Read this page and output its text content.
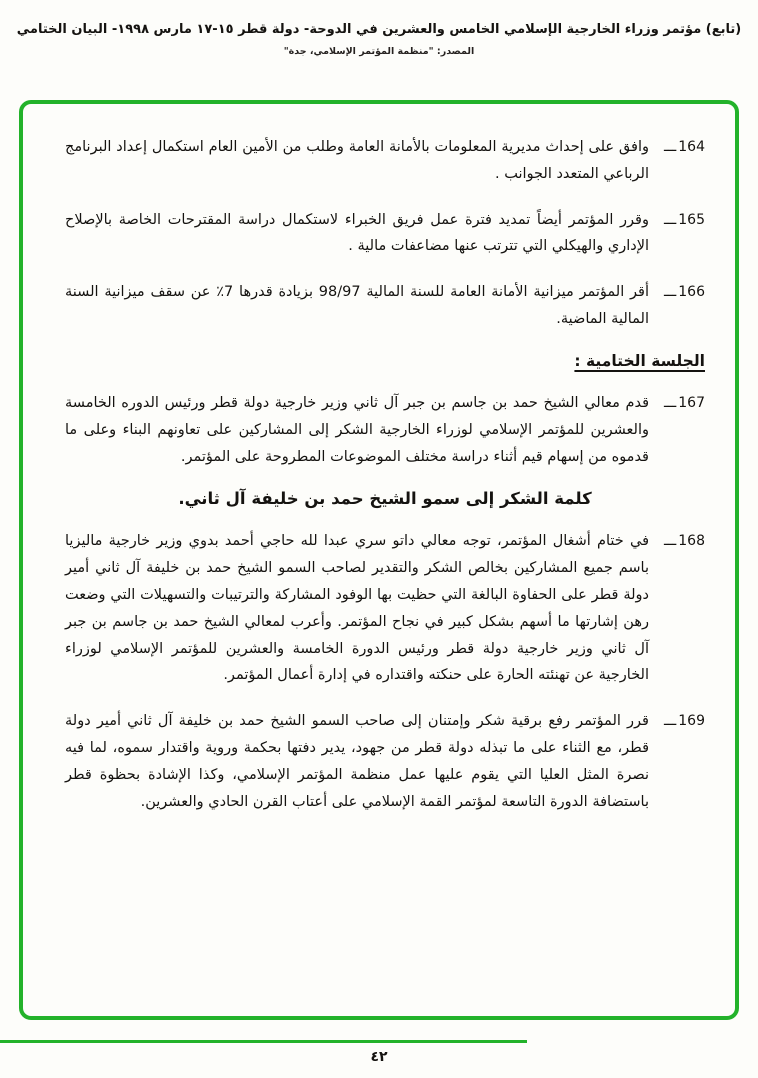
(تابع) مؤتمر وزراء الخارجية الإسلامي الخامس والعشرين في الدوحة- دولة قطر ١٥-١٧ مارس ١٩٩٨- البيان الختامي
المصدر: "منظمة المؤتمر الإسلامي، جدة"
164ـــ
وافق على إحداث مديرية المعلومات بالأمانة العامة وطلب من الأمين العام استكمال إعداد البرنامج الرباعي المتعدد الجوانب .
165ـــ
وقرر المؤتمر أيضاً تمديد فترة عمل فريق الخبراء لاستكمال دراسة المقترحات الخاصة بالإصلاح الإداري والهيكلي التي تترتب عنها مضاعفات مالية .
166ـــ
أقر المؤتمر ميزانية الأمانة العامة للسنة المالية 98/97 بزيادة قدرها 7٪ عن سقف ميزانية السنة المالية الماضية.
الجلسة الختامية :
167ـــ
قدم معالي الشيخ حمد بن جاسم بن جبر آل ثاني وزير خارجية دولة قطر ورئيس الدوره الخامسة والعشرين للمؤتمر الإسلامي لوزراء الخارجية الشكر إلى المشاركين على تعاونهم البناء وعلى ما قدموه من إسهام قيم أثناء دراسة مختلف الموضوعات المطروحة على المؤتمر.
كلمة الشكر إلى سمو الشيخ حمد بن خليفة آل ثاني.
168ـــ
في ختام أشغال المؤتمر، توجه معالي داتو سري عبدا لله حاجي أحمد بدوي وزير خارجية ماليزيا باسم جميع المشاركين بخالص الشكر والتقدير لصاحب السمو الشيخ حمد بن خليفة آل ثاني أمير دولة قطر على الحفاوة البالغة التي حظيت بها الوفود المشاركة والترتيبات والتسهيلات التي وضعت رهن إشارتها ما أسهم بشكل كبير في نجاح المؤتمر. وأعرب لمعالي الشيخ حمد بن جاسم بن جبر آل ثاني وزير خارجية دولة قطر ورئيس الدورة الخامسة والعشرين للمؤتمر الإسلامي لوزراء الخارجية عن تهنئته الحارة على حنكته واقتداره في إدارة أعمال المؤتمر.
169ـــ
قرر المؤتمر رفع برقية شكر وإمتنان إلى صاحب السمو الشيخ حمد بن خليفة آل ثاني أمير دولة قطر، مع الثناء على ما تبذله دولة قطر من جهود، يدير دفتها بحكمة وروية واقتدار سموه، لما فيه نصرة المثل العليا التي يقوم عليها عمل منظمة المؤتمر الإسلامي، وكذا الإشادة بحظوة قطر باستضافة الدورة التاسعة لمؤتمر القمة الإسلامي على أعتاب القرن الحادي والعشرين.
٤٢
